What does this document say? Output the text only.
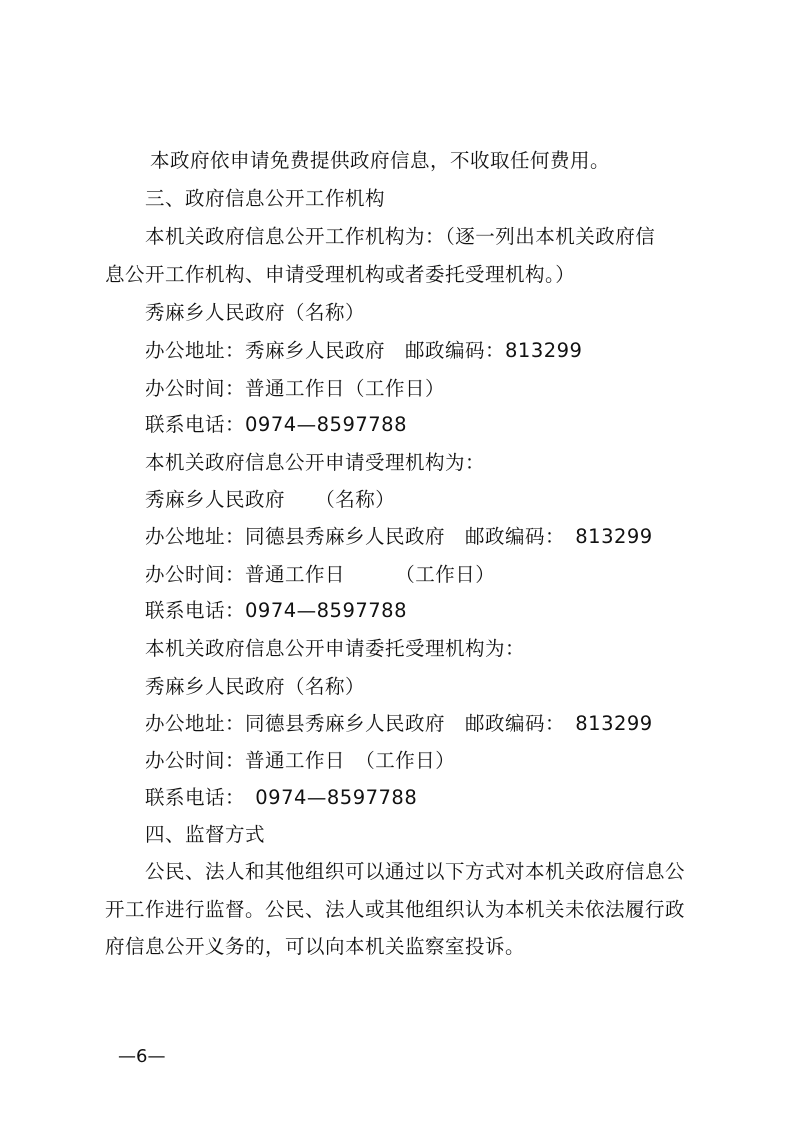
本政府依申请免费提供政府信息，不收取任何费用。
三、政府信息公开工作机构
本机关政府信息公开工作机构为：（逐一列出本机关政府信
息公开工作机构、申请受理机构或者委托受理机构。）
秀麻乡人民政府（名称）
办公地址：秀麻乡人民政府　邮政编码：813299
办公时间：普通工作日（工作日）
联系电话：0974—8597788
本机关政府信息公开申请受理机构为：
秀麻乡人民政府　　（名称）
办公地址：同德县秀麻乡人民政府　邮政编码：　813299
办公时间：普通工作日　　　（工作日）
联系电话：0974—8597788
本机关政府信息公开申请委托受理机构为：
秀麻乡人民政府（名称）
办公地址：同德县秀麻乡人民政府　邮政编码：　813299
办公时间：普通工作日　（工作日）
联系电话：　0974—8597788
四、监督方式
公民、法人和其他组织可以通过以下方式对本机关政府信息公
开工作进行监督。公民、法人或其他组织认为本机关未依法履行政
府信息公开义务的，可以向本机关监察室投诉。
—6—
